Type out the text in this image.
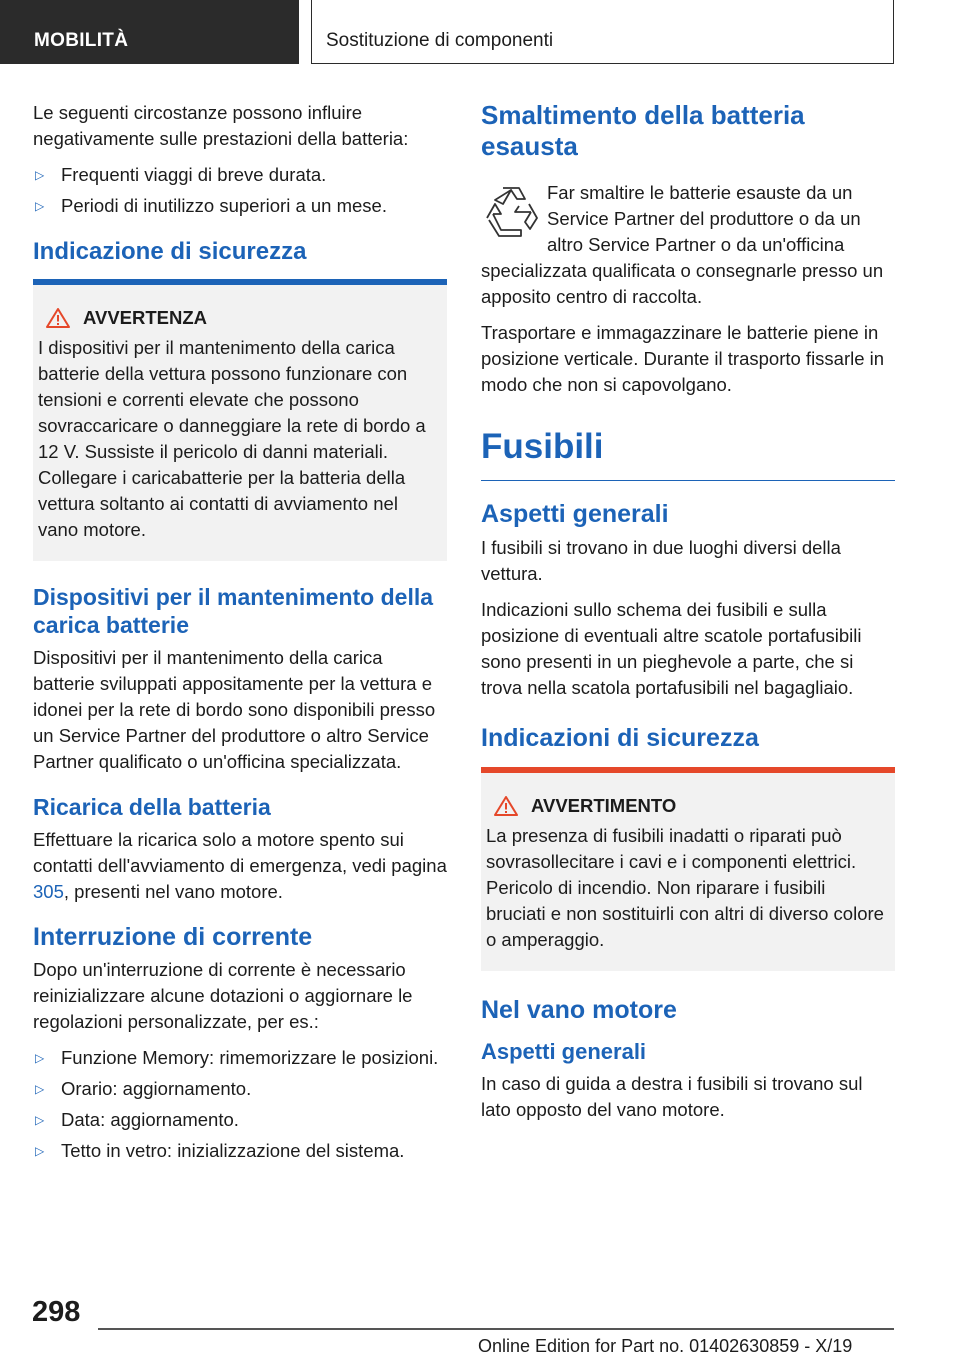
MOBILITÀ	Sostituzione di componenti

Le seguenti circostanze possono influire negativamente sulle prestazioni della batteria:

▷ Frequenti viaggi di breve durata.
▷ Periodi di inutilizzo superiori a un mese.
Indicazione di sicurezza
AVVERTENZA

I dispositivi per il mantenimento della carica batterie della vettura possono funzionare con tensioni e correnti elevate che possono sovraccaricare o danneggiare la rete di bordo a 12 V. Sussiste il pericolo di danni materiali. Collegare i caricabatterie per la batteria della vettura soltanto ai contatti di avviamento nel vano motore.

Dispositivi per il mantenimento della carica batterie

Dispositivi per il mantenimento della carica batterie sviluppati appositamente per la vettura e idonei per la rete di bordo sono disponibili presso un Service Partner del produttore o altro Service Partner qualificato o un'officina specializzata.

Ricarica della batteria

Effettuare la ricarica solo a motore spento sui contatti dell'avviamento di emergenza, vedi pagina 305, presenti nel vano motore.

Interruzione di corrente

Dopo un'interruzione di corrente è necessario reinizializzare alcune dotazioni o aggiornare le regolazioni personalizzate, per es.:

▷ Funzione Memory: rimemorizzare le posizioni.
▷ Orario: aggiornamento.
▷ Data: aggiornamento.
▷ Tetto in vetro: inizializzazione del sistema.
Smaltimento della batteria esausta

Far smaltire le batterie esauste da un Service Partner del produttore o da un altro Service Partner o da un'officina specializzata qualificata o consegnarle presso un apposito centro di raccolta.

Trasportare e immagazzinare le batterie piene in posizione verticale. Durante il trasporto fissarle in modo che non si capovolgano.

Fusibili
Aspetti generali

I fusibili si trovano in due luoghi diversi della vettura.

Indicazioni sullo schema dei fusibili e sulla posizione di eventuali altre scatole portafusibili sono presenti in un pieghevole a parte, che si trova nella scatola portafusibili nel bagagliaio.

Indicazioni di sicurezza
AVVERTIMENTO

La presenza di fusibili inadatti o riparati può sovrasollecitare i cavi e i componenti elettrici. Pericolo di incendio. Non riparare i fusibili bruciati e non sostituirli con altri di diverso colore o amperaggio.

Nel vano motore
Aspetti generali

In caso di guida a destra i fusibili si trovano sul lato opposto del vano motore.

298
Online Edition for Part no. 01402630859 - X/19
